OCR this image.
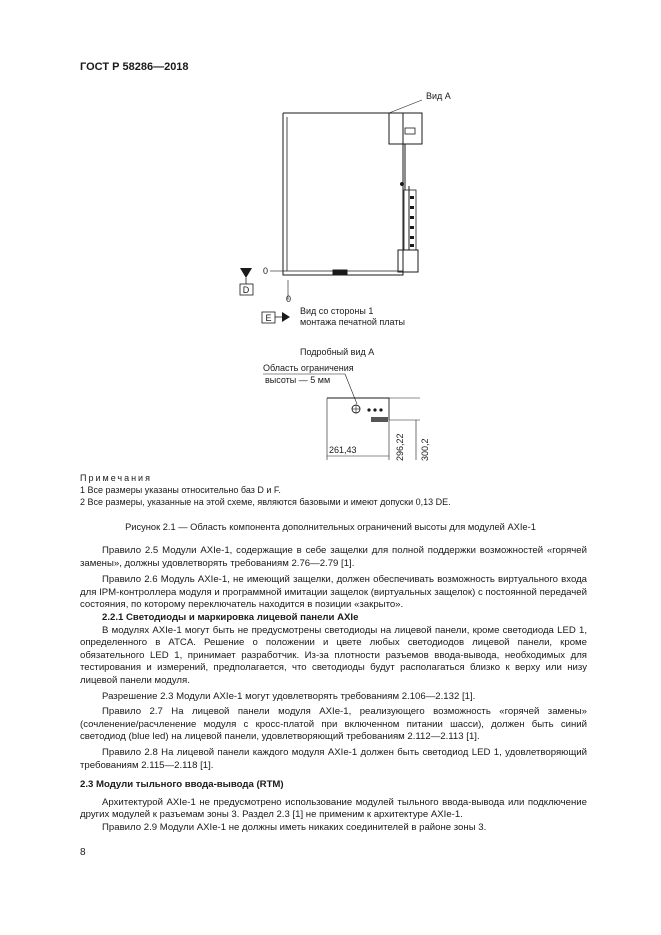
ГОСТ Р 58286—2018
D
0
0
E
Вид А
Вид со стороны 1
монтажа печатной платы
Подробный вид А
Область ограничения
высоты — 5 мм
261,43	296,22 300,2
Примечания
1 Все размеры указаны относительно баз D и F.
2 Все размеры, указанные на этой схеме, являются базовыми и имеют допуски 0,13 DE.
Рисунок 2.1 — Область компонента дополнительных ограничений высоты для модулей AXIe-1

Правило 2.5 Модули AXIe-1, содержащие в себе защелки для полной поддержки возможностей «горячей замены», должны удовлетворять требованиям 2.76—2.79 [1].

Правило 2.6 Модуль AXIe-1, не имеющий защелки, должен обеспечивать возможность виртуального входа для IPM-контроллера модуля и программной имитации защелок (виртуальных защелок) с постоянной передачей состояния, по которому переключатель находится в позиции «закрыто».

2.2.1 Светодиоды и маркировка лицевой панели AXIe

В модулях AXIe-1 могут быть не предусмотрены светодиоды на лицевой панели, кроме светодиода LED 1, определенного в ATCA. Решение о положении и цвете любых светодиодов лицевой панели, кроме обязательного LED 1, принимает разработчик. Из-за плотности разъемов ввода-вывода, необходимых для тестирования и измерений, предполагается, что светодиоды будут располагаться близко к верху или низу лицевой панели модуля.

Разрешение 2.3 Модули AXIe-1 могут удовлетворять требованиям 2.106—2.132 [1].

Правило 2.7 На лицевой панели модуля AXIe-1, реализующего возможность «горячей замены» (сочленение/расчленение модуля с кросс-платой при включенном питании шасси), должен быть синий светодиод (blue led) на лицевой панели, удовлетворяющий требованиям 2.112—2.113 [1].

Правило 2.8 На лицевой панели каждого модуля AXIe-1 должен быть светодиод LED 1, удовлетворяющий требованиям 2.115—2.118 [1].

2.3 Модули тыльного ввода-вывода (RTM)

Архитектурой AXIe-1 не предусмотрено использование модулей тыльного ввода-вывода или подключение других модулей к разъемам зоны 3. Раздел 2.3 [1] не применим к архитектуре AXIe-1.

Правило 2.9 Модули AXIe-1 не должны иметь никаких соединителей в районе зоны 3.

8
